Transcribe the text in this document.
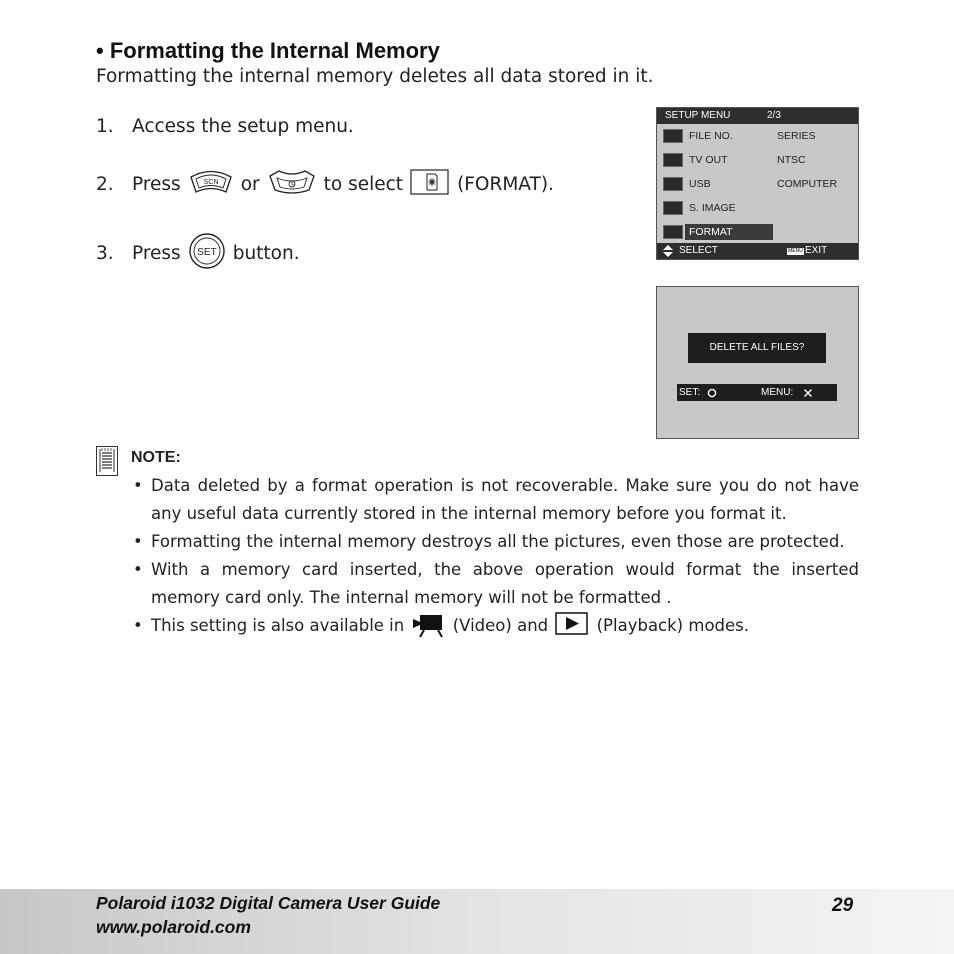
• Formatting the Internal Memory
Formatting the internal memory deletes all data stored in it.
1. Access the setup menu.
2. Press	SCN or	to select	(FORMAT).
3. Press SET button.
SETUP MENU	2/3
FILE NO.	SERIES
TV OUT	NTSC
USB	COMPUTER
S. IMAGE
FORMAT
SELECT	MENU EXIT
DELETE ALL FILES?
SET:	MENU:
NOTE:
• Data deleted by a format operation is not recoverable. Make sure you do not have any useful data currently stored in the internal memory before you format it.
• Formatting the internal memory destroys all the pictures, even those are protected.
• With a memory card inserted, the above operation would format the inserted memory card only. The internal memory will not be formatted .
• This setting is also available in	(Video) and	(Playback) modes.
Polaroid i1032 Digital Camera User Guide
www.polaroid.com
29
